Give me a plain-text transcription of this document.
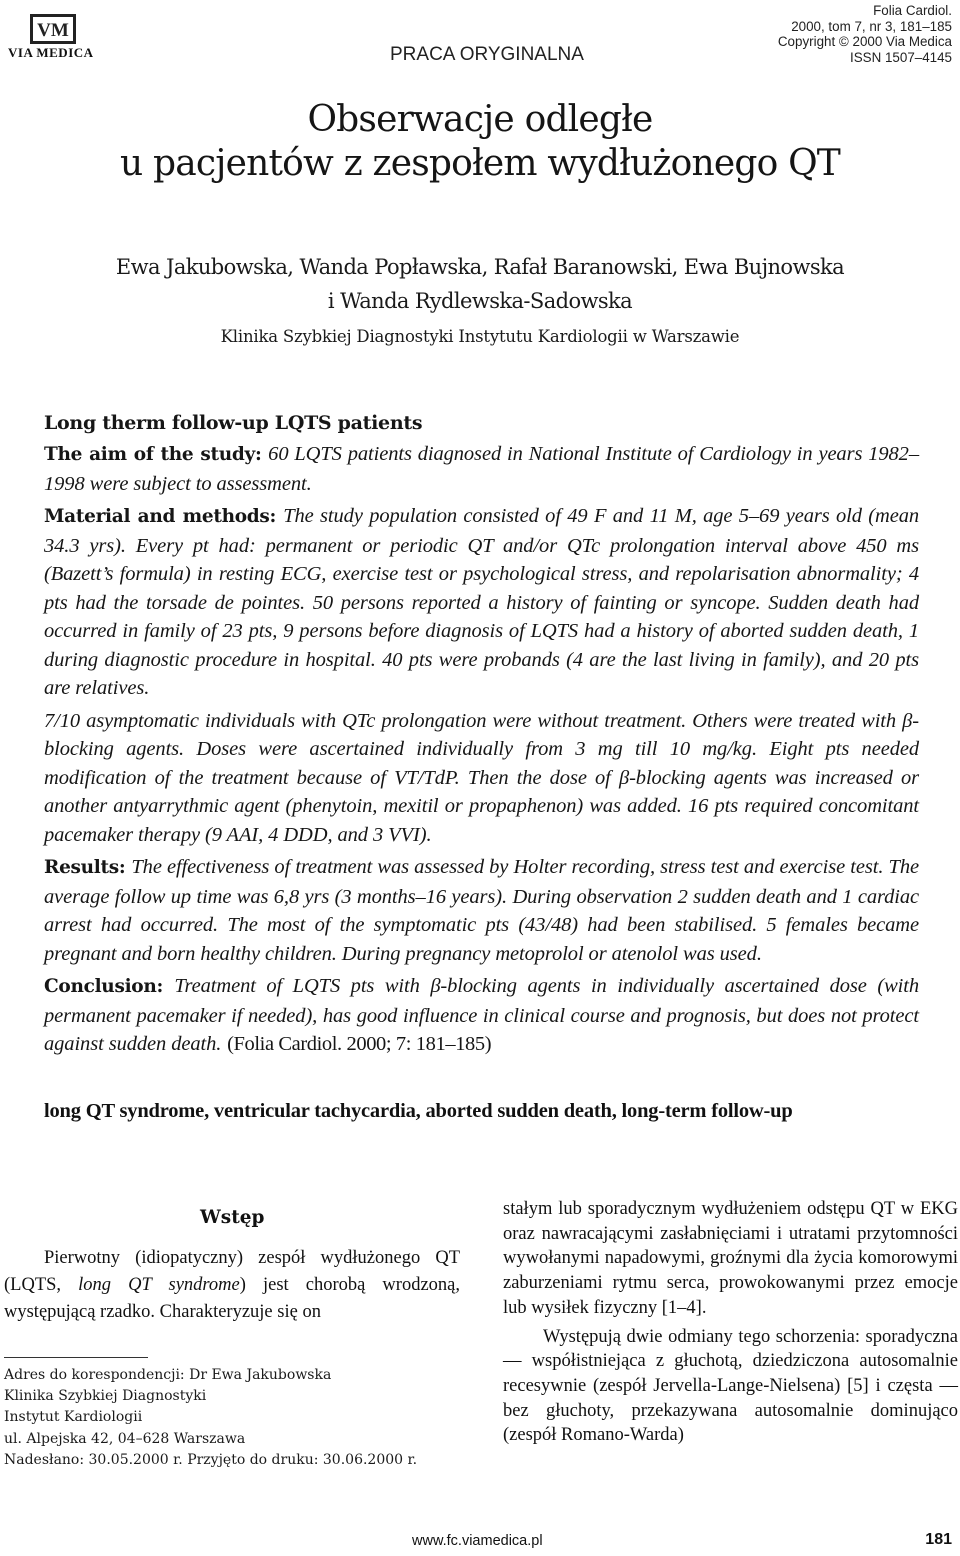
VM
VIA MEDICA	PRACA ORYGINALNA
Folia Cardiol.
2000, tom 7, nr 3, 181–185
Copyright © 2000 Via Medica
ISSN 1507–4145
Obserwacje odległe
u pacjentów z zespołem wydłużonego QT
Ewa Jakubowska, Wanda Popławska, Rafał Baranowski, Ewa Bujnowska
i Wanda Rydlewska-Sadowska
Klinika Szybkiej Diagnostyki Instytutu Kardiologii w Warszawie
Long therm follow-up LQTS patients

The aim of the study: 60 LQTS patients diagnosed in National Institute of Cardiology in years 1982–1998 were subject to assessment.

Material and methods: The study population consisted of 49 F and 11 M, age 5–69 years old (mean 34.3 yrs). Every pt had: permanent or periodic QT and/or QTc prolongation interval above 450 ms (Bazett’s formula) in resting ECG, exercise test or psychological stress, and repolarisation abnormality; 4 pts had the torsade de pointes. 50 persons reported a history of fainting or syncope. Sudden death had occurred in family of 23 pts, 9 persons before diagnosis of LQTS had a history of aborted sudden death, 1 during diagnostic procedure in hospital. 40 pts were probands (4 are the last living in family), and 20 pts are relatives.

7/10 asymptomatic individuals with QTc prolongation were without treatment. Others were treated with β-blocking agents. Doses were ascertained individually from 3 mg till 10 mg/kg. Eight pts needed modification of the treatment because of VT/TdP. Then the dose of β-blocking agents was increased or another antyarrythmic agent (phenytoin, mexitil or propaphenon) was added. 16 pts required concomitant pacemaker therapy (9 AAI, 4 DDD, and 3 VVI).

Results: The effectiveness of treatment was assessed by Holter recording, stress test and exercise test. The average follow up time was 6,8 yrs (3 months–16 years). During observation 2 sudden death and 1 cardiac arrest had occurred. The most of the symptomatic pts (43/48) had been stabilised. 5 females became pregnant and born healthy children. During pregnancy metoprolol or atenolol was used.

Conclusion: Treatment of LQTS pts with β-blocking agents in individually ascertained dose (with permanent pacemaker if needed), has good influence in clinical course and prognosis, but does not protect against sudden death. (Folia Cardiol. 2000; 7: 181–185)

long QT syndrome, ventricular tachycardia, aborted sudden death, long-term follow-up
Wstęp
Pierwotny (idiopatyczny) zespół wydłużonego QT (LQTS, long QT syndrome) jest chorobą wrodzoną, występującą rzadko. Charakteryzuje się on
Adres do korespondencji: Dr Ewa Jakubowska
Klinika Szybkiej Diagnostyki
Instytut Kardiologii
ul. Alpejska 42, 04–628 Warszawa
Nadesłano: 30.05.2000 r. Przyjęto do druku: 30.06.2000 r.

stałym lub sporadycznym wydłużeniem odstępu QT w EKG oraz nawracającymi zasłabnięciami i utratami przytomności wywołanymi napadowymi, groźnymi dla życia komorowymi zaburzeniami rytmu serca, prowokowanymi przez emocje lub wysiłek fizyczny [1–4].

Występują dwie odmiany tego schorzenia: sporadyczna — współistniejąca z głuchotą, dziedziczona autosomalnie recesywnie (zespół Jervella-Lange-Nielsena) [5] i częsta — bez głuchoty, przekazywana autosomalnie dominująco (zespół Romano-Warda)

www.fc.viamedica.pl	181
